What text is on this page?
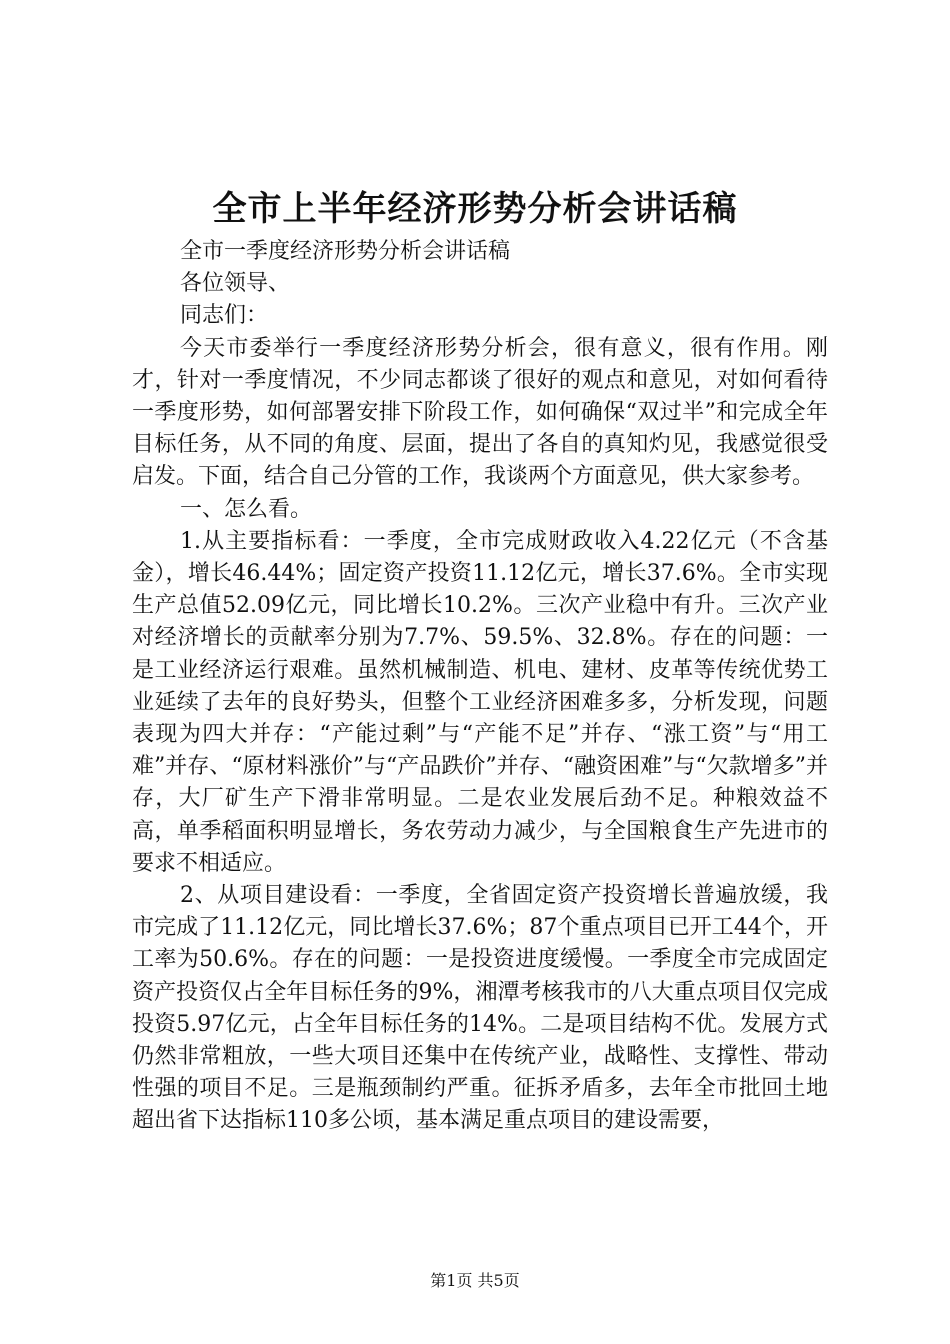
全市上半年经济形势分析会讲话稿

全市一季度经济形势分析会讲话稿

各位领导、

同志们：

今天市委举行一季度经济形势分析会，很有意义，很有作用。刚才，针对一季度情况，不少同志都谈了很好的观点和意见，对如何看待一季度形势，如何部署安排下阶段工作，如何确保“双过半”和完成全年目标任务，从不同的角度、层面，提出了各自的真知灼见，我感觉很受启发。下面，结合自己分管的工作，我谈两个方面意见，供大家参考。

一、怎么看。

1.从主要指标看：一季度，全市完成财政收入4.22亿元（不含基金），增长46.44%；固定资产投资11.12亿元，增长37.6%。全市实现生产总值52.09亿元，同比增长10.2%。三次产业稳中有升。三次产业对经济增长的贡献率分别为7.7%、59.5%、32.8%。存在的问题：一是工业经济运行艰难。虽然机械制造、机电、建材、皮革等传统优势工业延续了去年的良好势头，但整个工业经济困难多多，分析发现，问题表现为四大并存：“产能过剩”与“产能不足”并存、“涨工资”与“用工难”并存、“原材料涨价”与“产品跌价”并存、“融资困难”与“欠款增多”并存，大厂矿生产下滑非常明显。二是农业发展后劲不足。种粮效益不高，单季稻面积明显增长，务农劳动力减少，与全国粮食生产先进市的要求不相适应。

2、从项目建设看：一季度，全省固定资产投资增长普遍放缓，我市完成了11.12亿元，同比增长37.6%；87个重点项目已开工44个，开工率为50.6%。存在的问题：一是投资进度缓慢。一季度全市完成固定资产投资仅占全年目标任务的9%，湘潭考核我市的八大重点项目仅完成投资5.97亿元，占全年目标任务的14%。二是项目结构不优。发展方式仍然非常粗放，一些大项目还集中在传统产业，战略性、支撑性、带动性强的项目不足。三是瓶颈制约严重。征拆矛盾多，去年全市批回土地超出省下达指标110多公顷，基本满足重点项目的建设需要，

第1页 共5页
